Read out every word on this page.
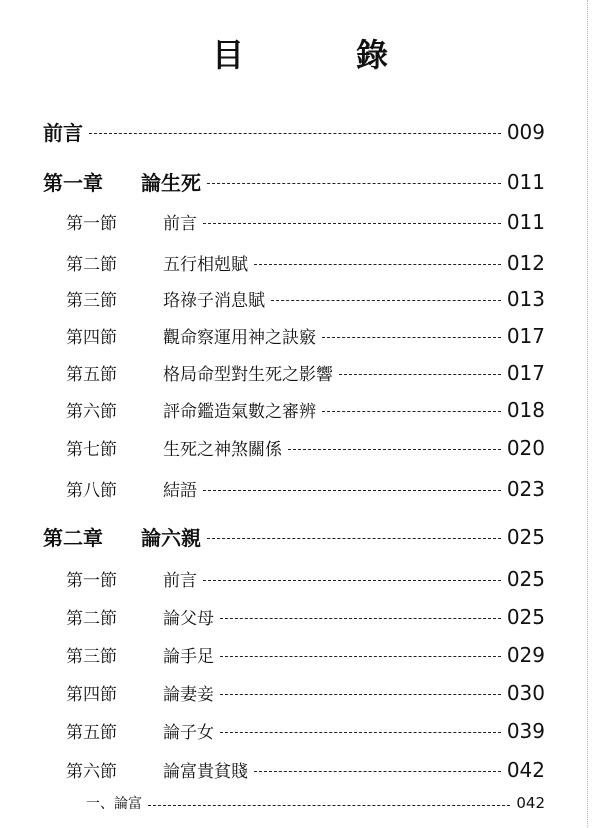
目　錄
前言	009
第一章	論生死	011
第一節	前言	011
第二節	五行相剋賦	012
第三節	珞祿子消息賦	013
第四節	觀命察運用神之訣竅	017
第五節	格局命型對生死之影響	017
第六節	評命鑑造氣數之審辨	018
第七節	生死之神煞關係	020
第八節	結語	023
第二章	論六親	025
第一節	前言	025
第二節	論父母	025
第三節	論手足	029
第四節	論妻妾	030
第五節	論子女	039
第六節	論富貴貧賤	042
一、 論富	042
